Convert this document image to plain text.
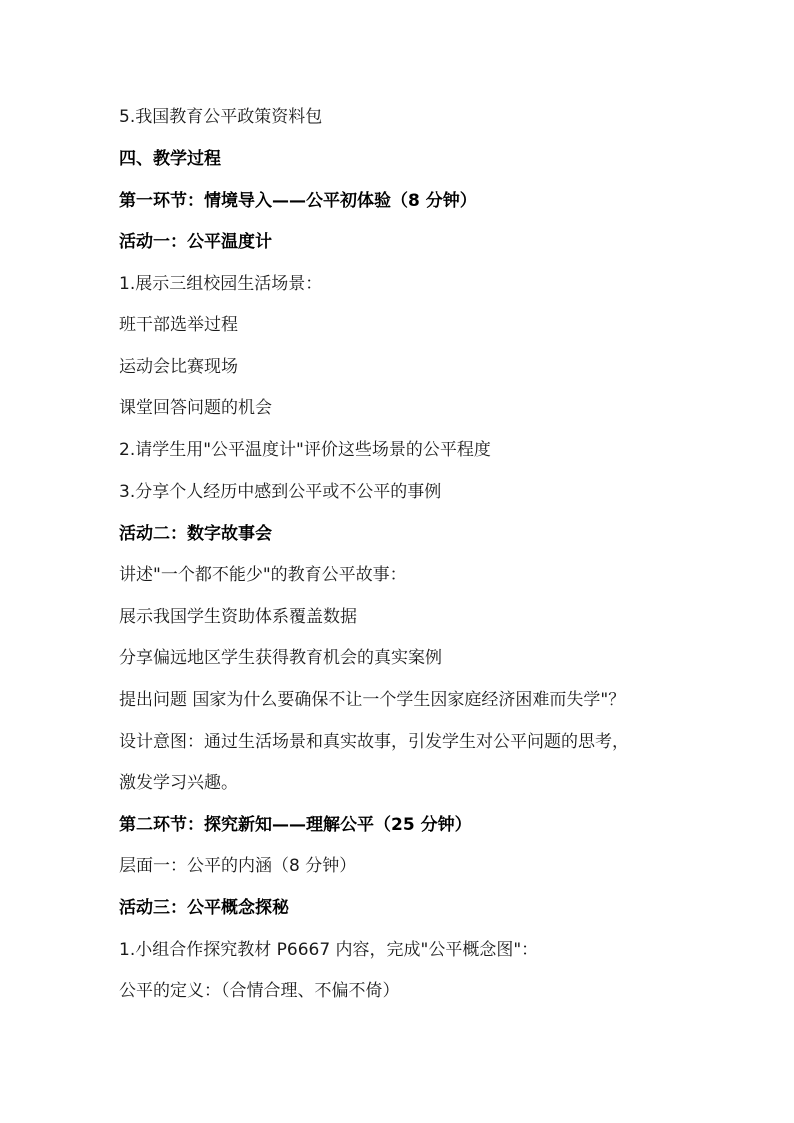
5.我国教育公平政策资料包
四、教学过程
第一环节：情境导入——公平初体验（8 分钟）
活动一：公平温度计
1.展示三组校园生活场景：
班干部选举过程
运动会比赛现场
课堂回答问题的机会
2.请学生用"公平温度计"评价这些场景的公平程度
3.分享个人经历中感到公平或不公平的事例
活动二：数字故事会
讲述"一个都不能少"的教育公平故事：
展示我国学生资助体系覆盖数据
分享偏远地区学生获得教育机会的真实案例
提出问题 国家为什么要确保不让一个学生因家庭经济困难而失学"？
设计意图：通过生活场景和真实故事，引发学生对公平问题的思考，
激发学习兴趣。
第二环节：探究新知——理解公平（25 分钟）
层面一：公平的内涵（8 分钟）
活动三：公平概念探秘
1.小组合作探究教材 P6667 内容，完成"公平概念图"：
公平的定义：（合情合理、不偏不倚）
